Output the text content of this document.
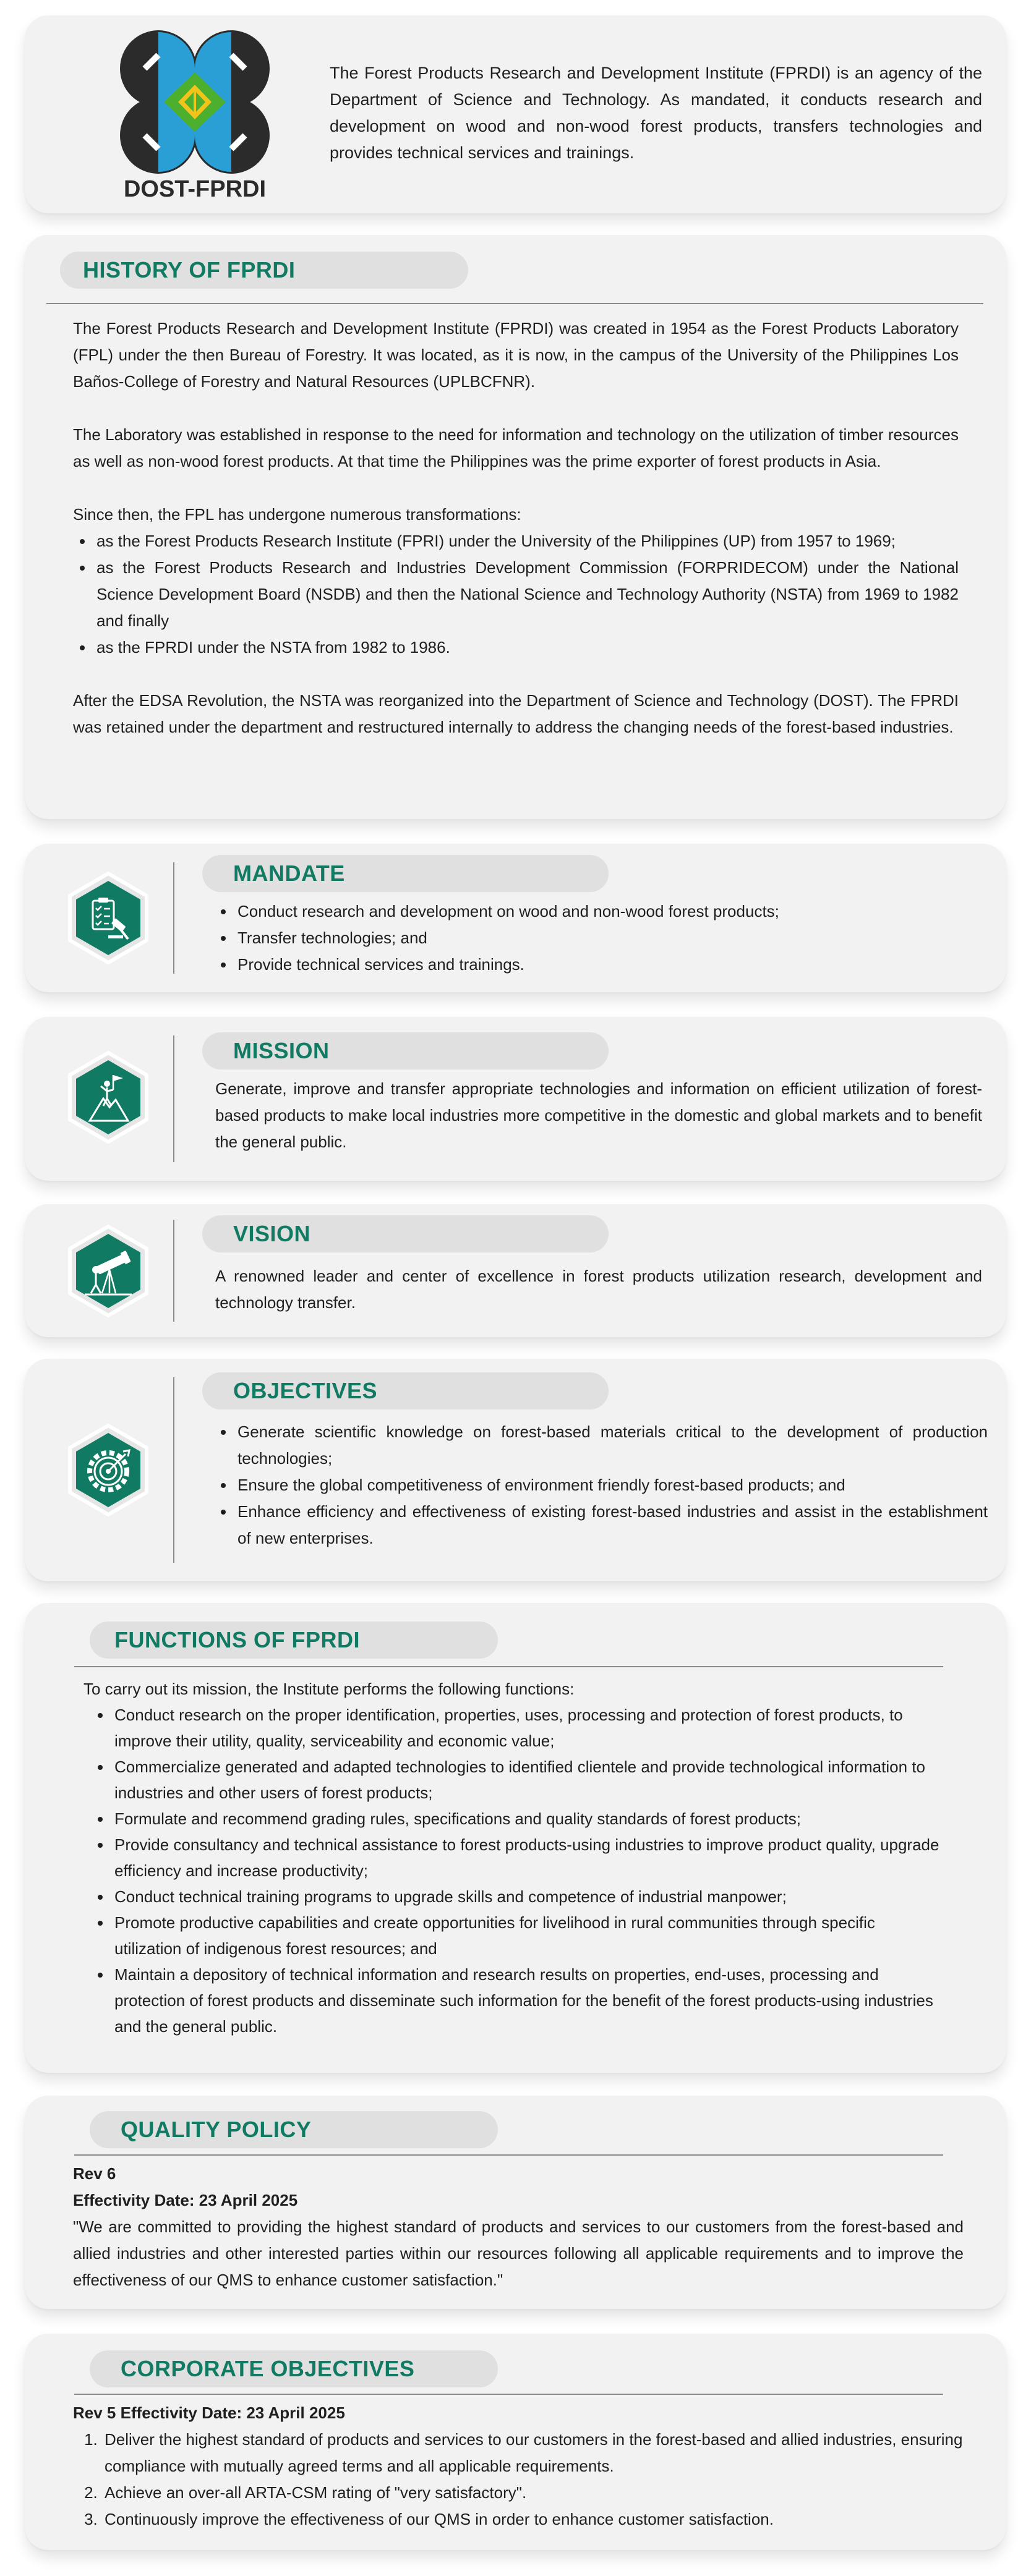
DOST-FPRDI
The Forest Products Research and Development Institute (FPRDI) is an agency of the Department of Science and Technology. As mandated, it conducts research and development on wood and non-wood forest products, transfers technologies and provides technical services and trainings.
HISTORY OF FPRDI

The Forest Products Research and Development Institute (FPRDI) was created in 1954 as the Forest Products Laboratory (FPL) under the then Bureau of Forestry. It was located, as it is now, in the campus of the University of the Philippines Los Baños-College of Forestry and Natural Resources (UPLBCFNR).

The Laboratory was established in response to the need for information and technology on the utilization of timber resources as well as non-wood forest products. At that time the Philippines was the prime exporter of forest products in Asia.

Since then, the FPL has undergone numerous transformations:

• as the Forest Products Research Institute (FPRI) under the University of the Philippines (UP) from 1957 to 1969;
• as the Forest Products Research and Industries Development Commission (FORPRIDECOM) under the National Science Development Board (NSDB) and then the National Science and Technology Authority (NSTA) from 1969 to 1982 and finally
• as the FPRDI under the NSTA from 1982 to 1986.

After the EDSA Revolution, the NSTA was reorganized into the Department of Science and Technology (DOST). The FPRDI was retained under the department and restructured internally to address the changing needs of the forest-based industries.

MANDATE
• Conduct research and development on wood and non-wood forest products;
• Transfer technologies; and
• Provide technical services and trainings.
MISSION
Generate, improve and transfer appropriate technologies and information on efficient utilization of forest-based products to make local industries more competitive in the domestic and global markets and to benefit the general public.
VISION
A renowned leader and center of excellence in forest products utilization research, development and technology transfer.
OBJECTIVES
• Generate scientific knowledge on forest-based materials critical to the development of production technologies;
• Ensure the global competitiveness of environment friendly forest-based products; and
• Enhance efficiency and effectiveness of existing forest-based industries and assist in the establishment of new enterprises.
FUNCTIONS OF FPRDI

To carry out its mission, the Institute performs the following functions:

• Conduct research on the proper identification, properties, uses, processing and protection of forest products, to improve their utility, quality, serviceability and economic value;
• Commercialize generated and adapted technologies to identified clientele and provide technological information to industries and other users of forest products;
• Formulate and recommend grading rules, specifications and quality standards of forest products;
• Provide consultancy and technical assistance to forest products-using industries to improve product quality, upgrade efficiency and increase productivity;
• Conduct technical training programs to upgrade skills and competence of industrial manpower;
• Promote productive capabilities and create opportunities for livelihood in rural communities through specific utilization of indigenous forest resources; and
• Maintain a depository of technical information and research results on properties, end-uses, processing and protection of forest products and disseminate such information for the benefit of the forest products-using industries and the general public.
QUALITY POLICY

Rev 6

Effectivity Date: 23 April 2025

"We are committed to providing the highest standard of products and services to our customers from the forest-based and allied industries and other interested parties within our resources following all applicable requirements and to improve the effectiveness of our QMS to enhance customer satisfaction."

CORPORATE OBJECTIVES

Rev 5 Effectivity Date: 23 April 2025

1. Deliver the highest standard of products and services to our customers in the forest-based and allied industries, ensuring compliance with mutually agreed terms and all applicable requirements.
2. Achieve an over-all ARTA-CSM rating of "very satisfactory".
3. Continuously improve the effectiveness of our QMS in order to enhance customer satisfaction.
